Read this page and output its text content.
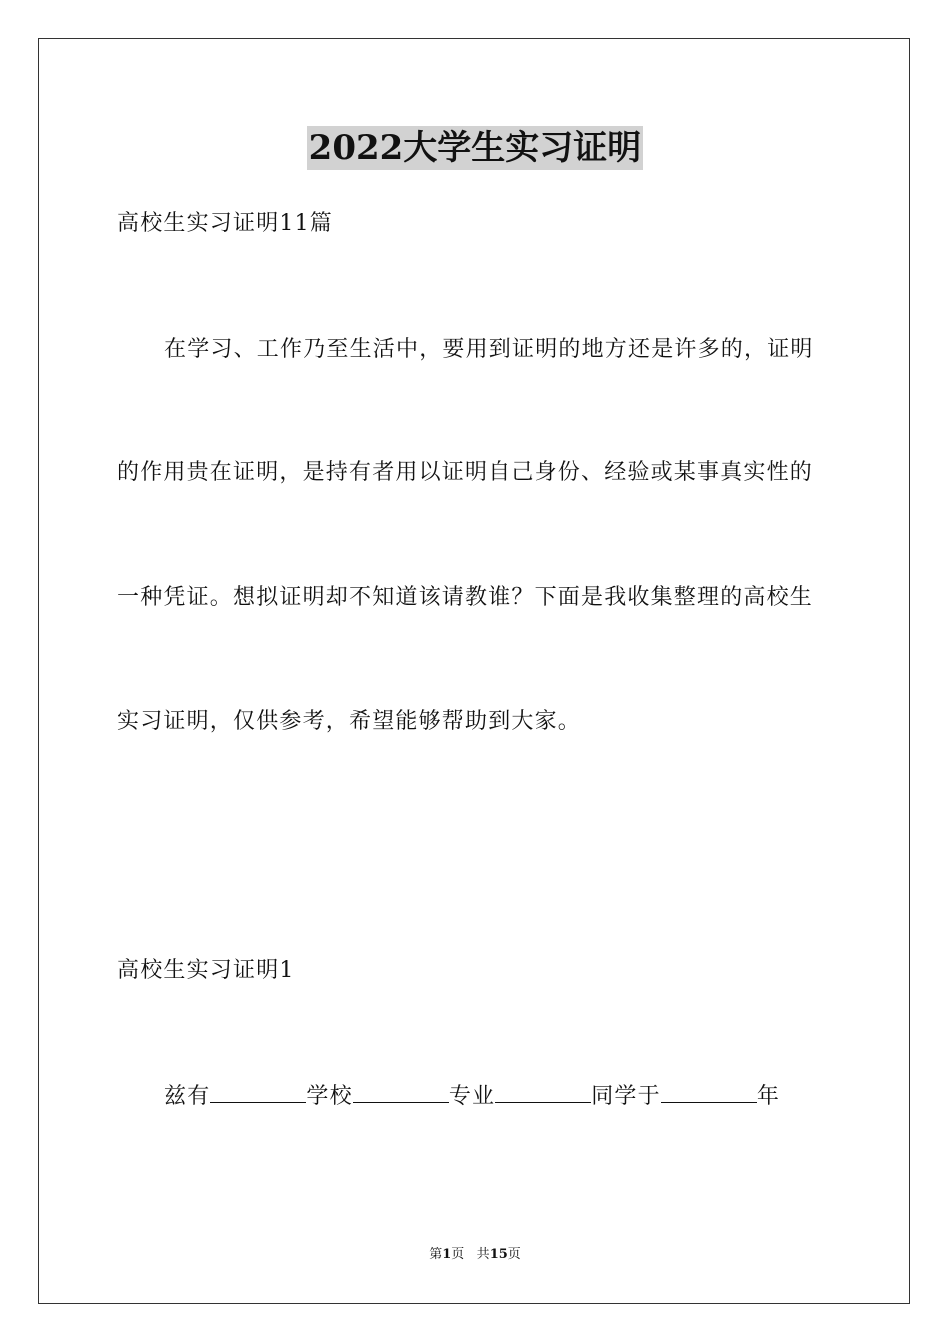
2022大学生实习证明
高校生实习证明11篇
在学习、工作乃至生活中，要用到证明的地方还是许多的，证明
的作用贵在证明，是持有者用以证明自己身份、经验或某事真实性的
一种凭证。想拟证明却不知道该请教谁？下面是我收集整理的高校生
实习证明，仅供参考，希望能够帮助到大家。
高校生实习证明1
兹有	学校	专业	同学于	年
第1页 共15页
